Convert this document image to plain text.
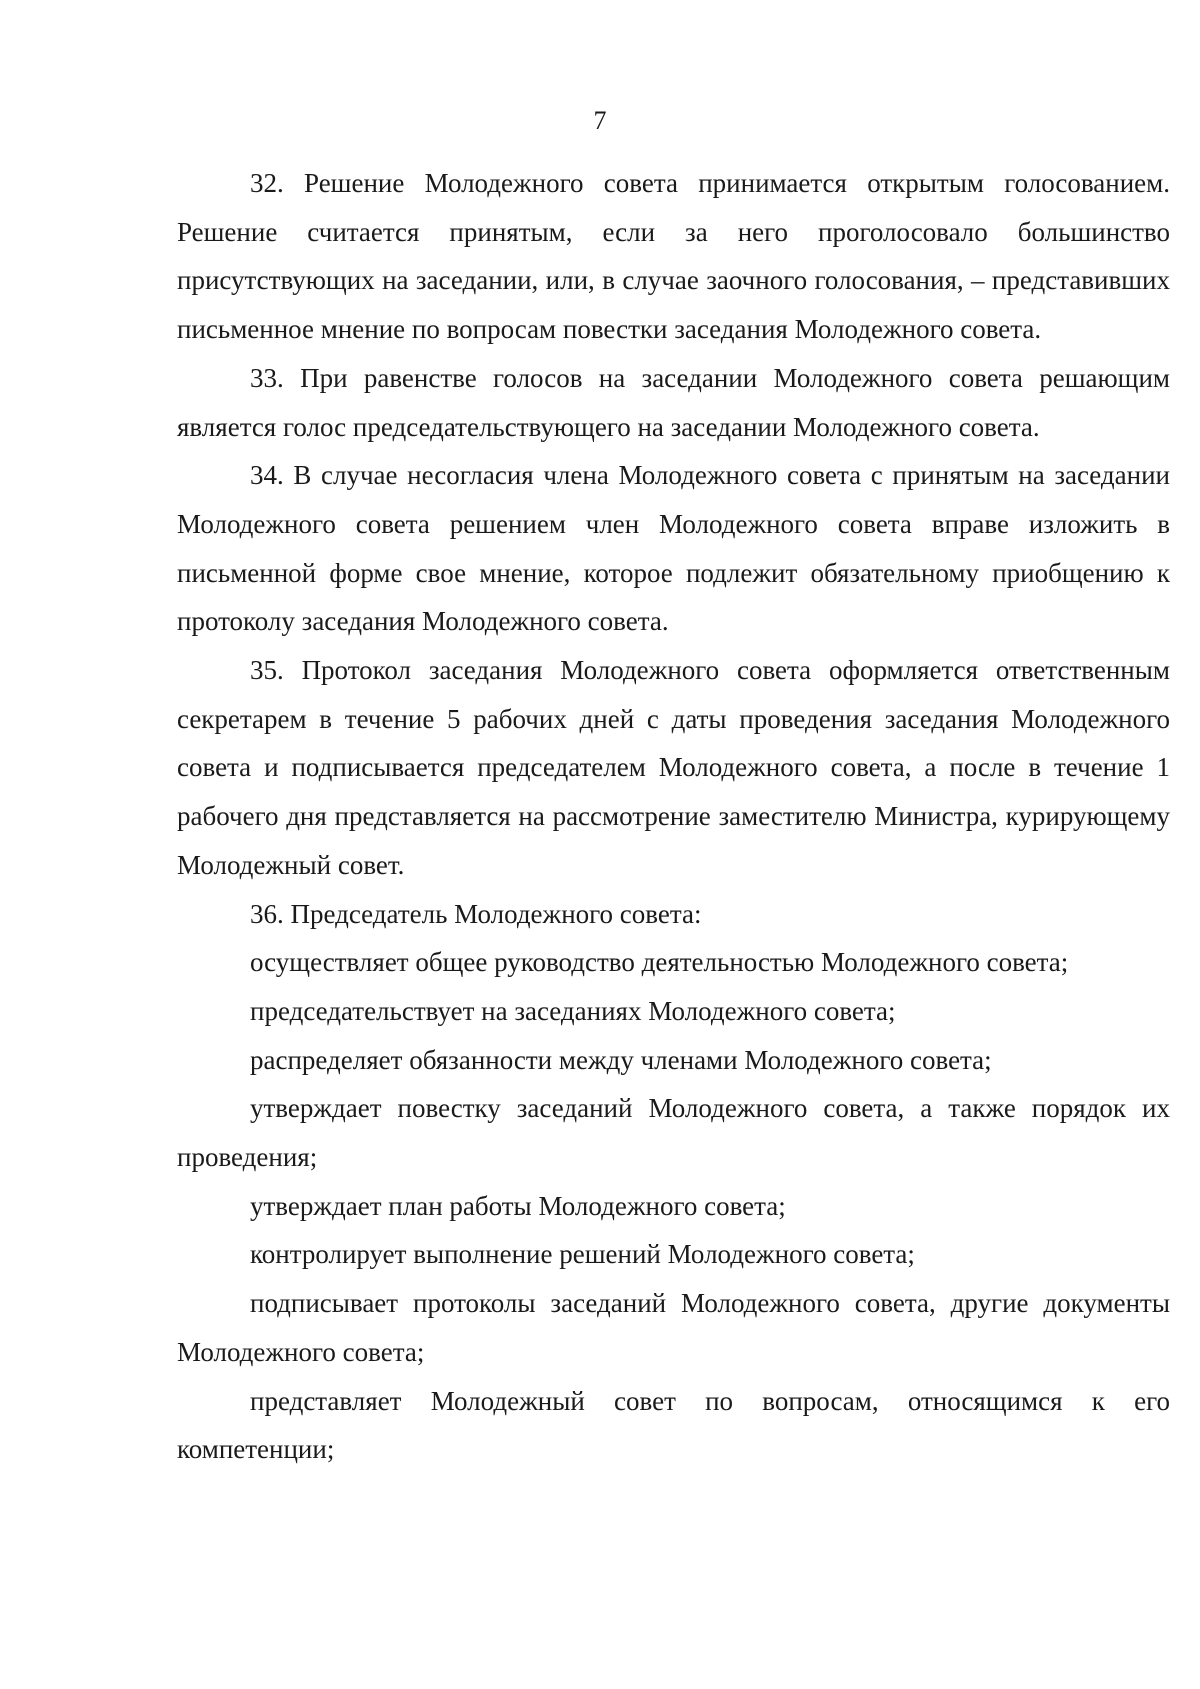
7

32. Решение Молодежного совета принимается открытым голосованием. Решение считается принятым, если за него проголосовало большинство присутствующих на заседании, или, в случае заочного голосования, – представивших письменное мнение по вопросам повестки заседания Молодежного совета.

33. При равенстве голосов на заседании Молодежного совета решающим является голос председательствующего на заседании Молодежного совета.

34. В случае несогласия члена Молодежного совета с принятым на заседании Молодежного совета решением член Молодежного совета вправе изложить в письменной форме свое мнение, которое подлежит обязательному приобщению к протоколу заседания Молодежного совета.

35. Протокол заседания Молодежного совета оформляется ответственным секретарем в течение 5 рабочих дней с даты проведения заседания Молодежного совета и подписывается председателем Молодежного совета, а после в течение 1 рабочего дня представляется на рассмотрение заместителю Министра, курирующему Молодежный совет.

36. Председатель Молодежного совета:

осуществляет общее руководство деятельностью Молодежного совета;

председательствует на заседаниях Молодежного совета;

распределяет обязанности между членами Молодежного совета;

утверждает повестку заседаний Молодежного совета, а также порядок их проведения;

утверждает план работы Молодежного совета;

контролирует выполнение решений Молодежного совета;

подписывает протоколы заседаний Молодежного совета, другие документы Молодежного совета;

представляет Молодежный совет по вопросам, относящимся к его компетенции;
